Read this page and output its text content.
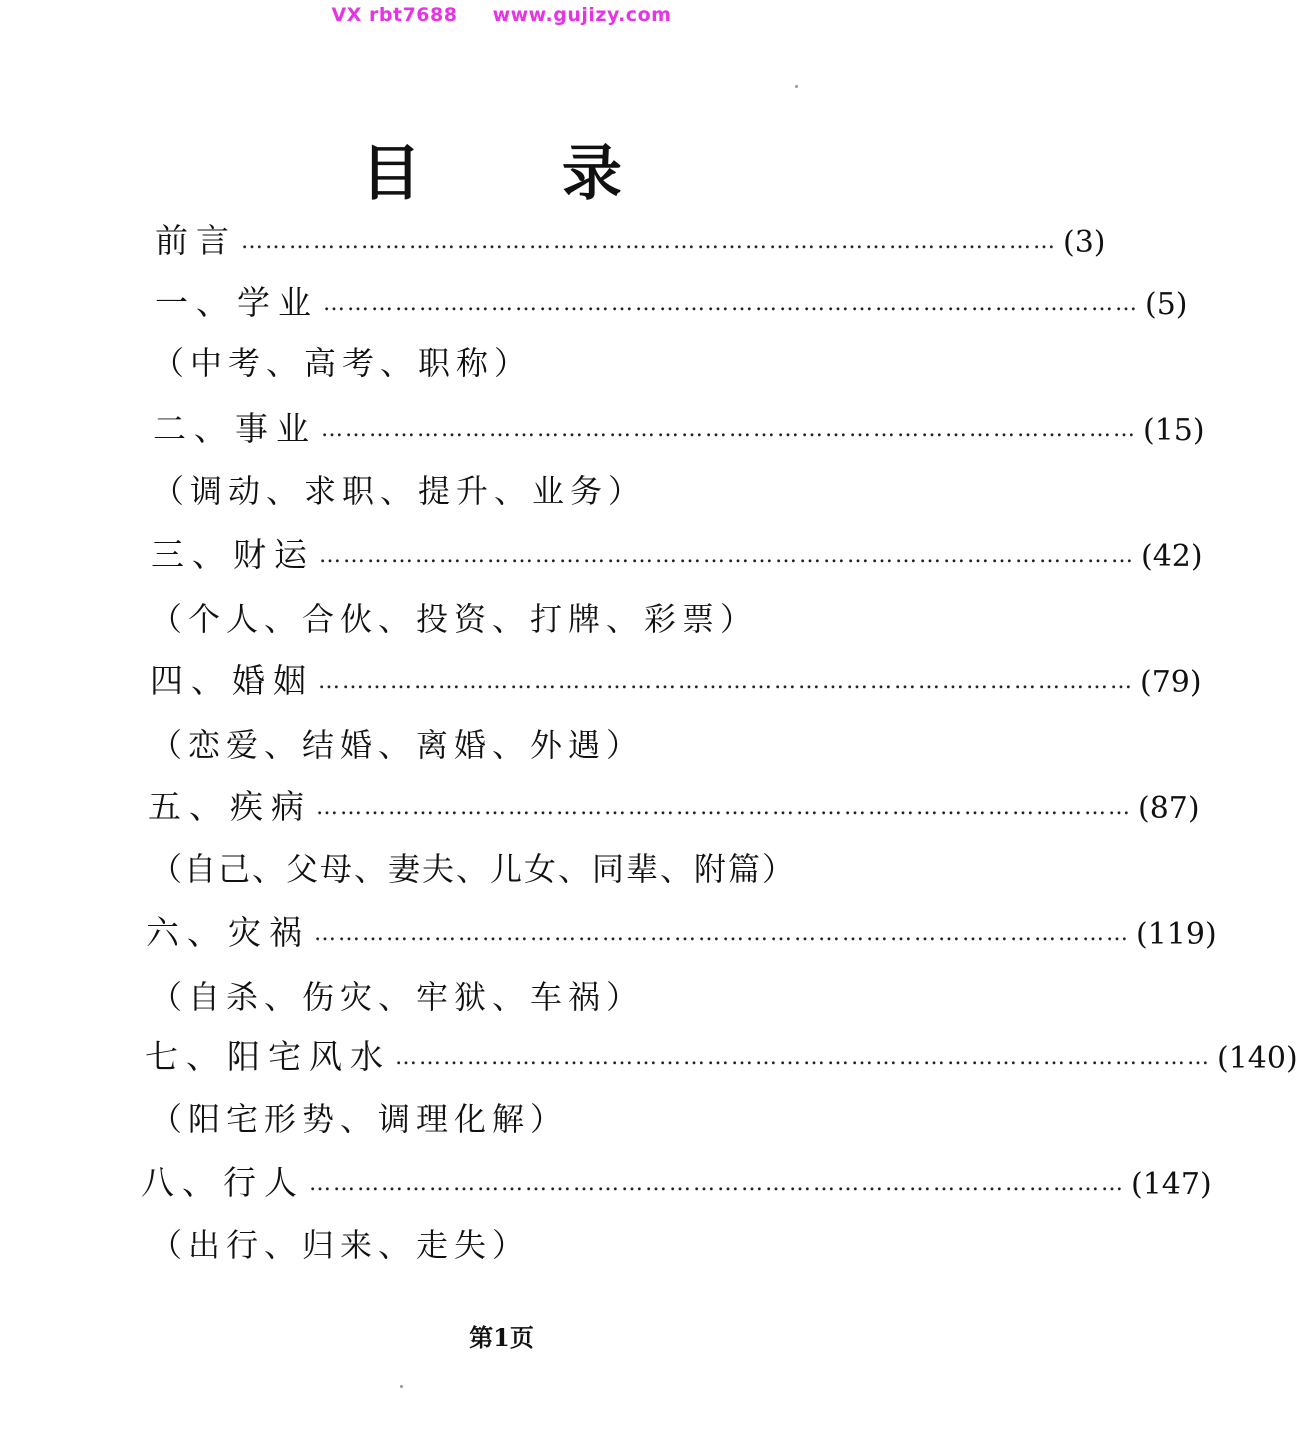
VX rbt7688 www.gujizy.com
目 录
前言 ………………………………………………………………………………………… (3)
一、学业 ………………………………………………………………………………………… (5)
（中考、高考、职称）
二、事业 ………………………………………………………………………………………… (15)
（调动、求职、提升、业务）
三、财运 ………………………………………………………………………………………… (42)
（个人、合伙、投资、打牌、彩票）
四、婚姻 ………………………………………………………………………………………… (79)
（恋爱、结婚、离婚、外遇）
五、疾病 ………………………………………………………………………………………… (87)
（自己、父母、妻夫、儿女、同辈、附篇）
六、灾祸 ………………………………………………………………………………………… (119)
（自杀、伤灾、牢狱、车祸）
七、阳宅风水 ………………………………………………………………………………………… (140)
（阳宅形势、调理化解）
八、行人 ………………………………………………………………………………………… (147)
（出行、归来、走失）
第1页
